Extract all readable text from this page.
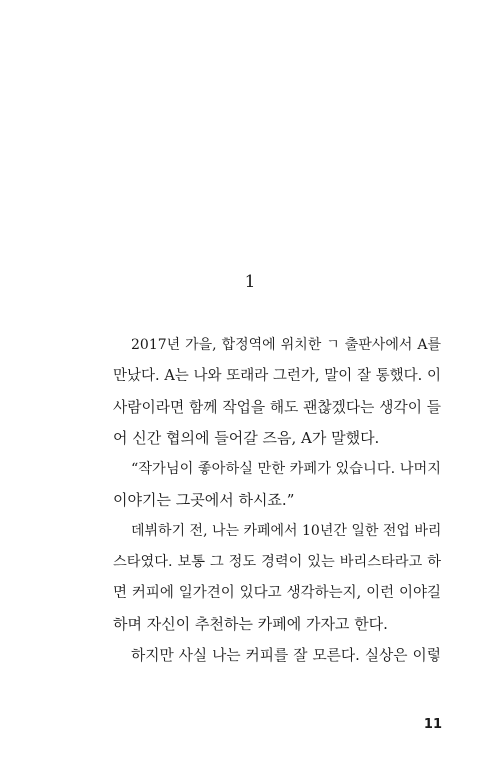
1
2017년 가을, 합정역에 위치한 ㄱ 출판사에서 A를
만났다. A는 나와 또래라 그런가, 말이 잘 통했다. 이
사람이라면 함께 작업을 해도 괜찮겠다는 생각이 들
어 신간 협의에 들어갈 즈음, A가 말했다.
“작가님이 좋아하실 만한 카페가 있습니다. 나머지
이야기는 그곳에서 하시죠.”
데뷔하기 전, 나는 카페에서 10년간 일한 전업 바리
스타였다. 보통 그 정도 경력이 있는 바리스타라고 하
면 커피에 일가견이 있다고 생각하는지, 이런 이야길
하며 자신이 추천하는 카페에 가자고 한다.
하지만 사실 나는 커피를 잘 모른다. 실상은 이렇
11
